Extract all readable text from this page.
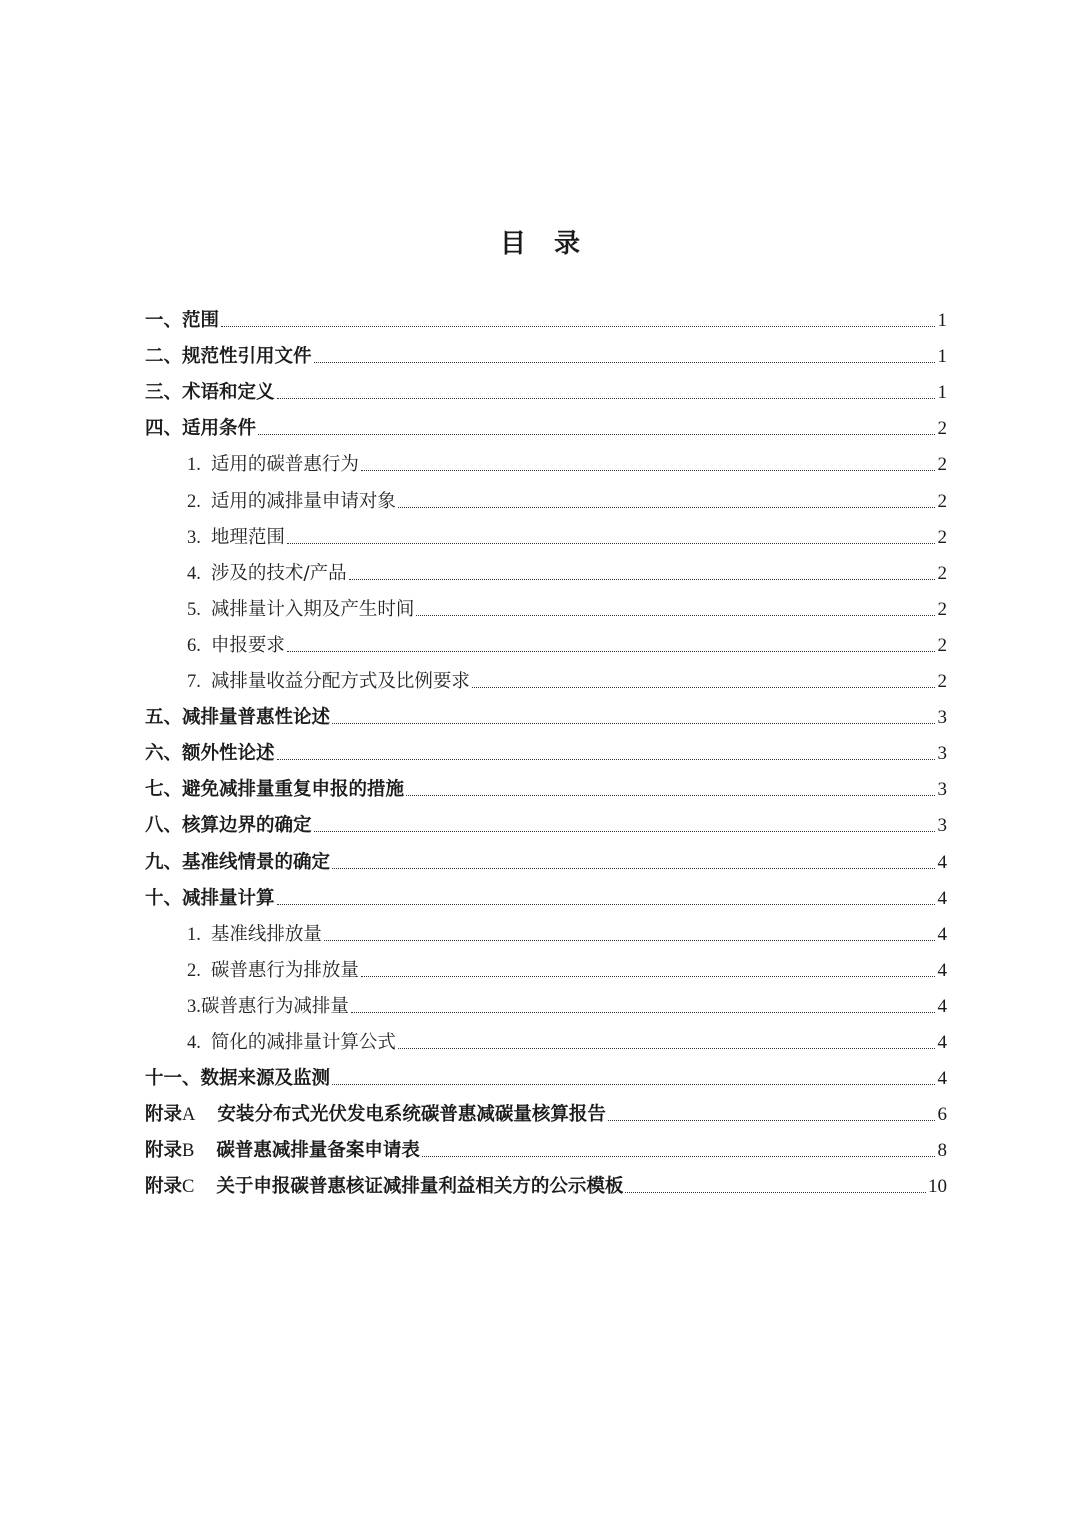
目 录
一、范围	1
二、规范性引用文件	1
三、术语和定义	1
四、适用条件	2
1. 适用的碳普惠行为	2
2. 适用的减排量申请对象	2
3. 地理范围	2
4. 涉及的技术/产品	2
5. 减排量计入期及产生时间	2
6. 申报要求	2
7. 减排量收益分配方式及比例要求	2
五、减排量普惠性论述	3
六、额外性论述	3
七、避免减排量重复申报的措施	3
八、核算边界的确定	3
九、基准线情景的确定	4
十、减排量计算	4
1. 基准线排放量	4
2. 碳普惠行为排放量	4
3.碳普惠行为减排量	4
4. 简化的减排量计算公式	4
十一、数据来源及监测	4
附录A 安装分布式光伏发电系统碳普惠减碳量核算报告	6
附录B 碳普惠减排量备案申请表	8
附录C 关于申报碳普惠核证减排量利益相关方的公示模板	10
